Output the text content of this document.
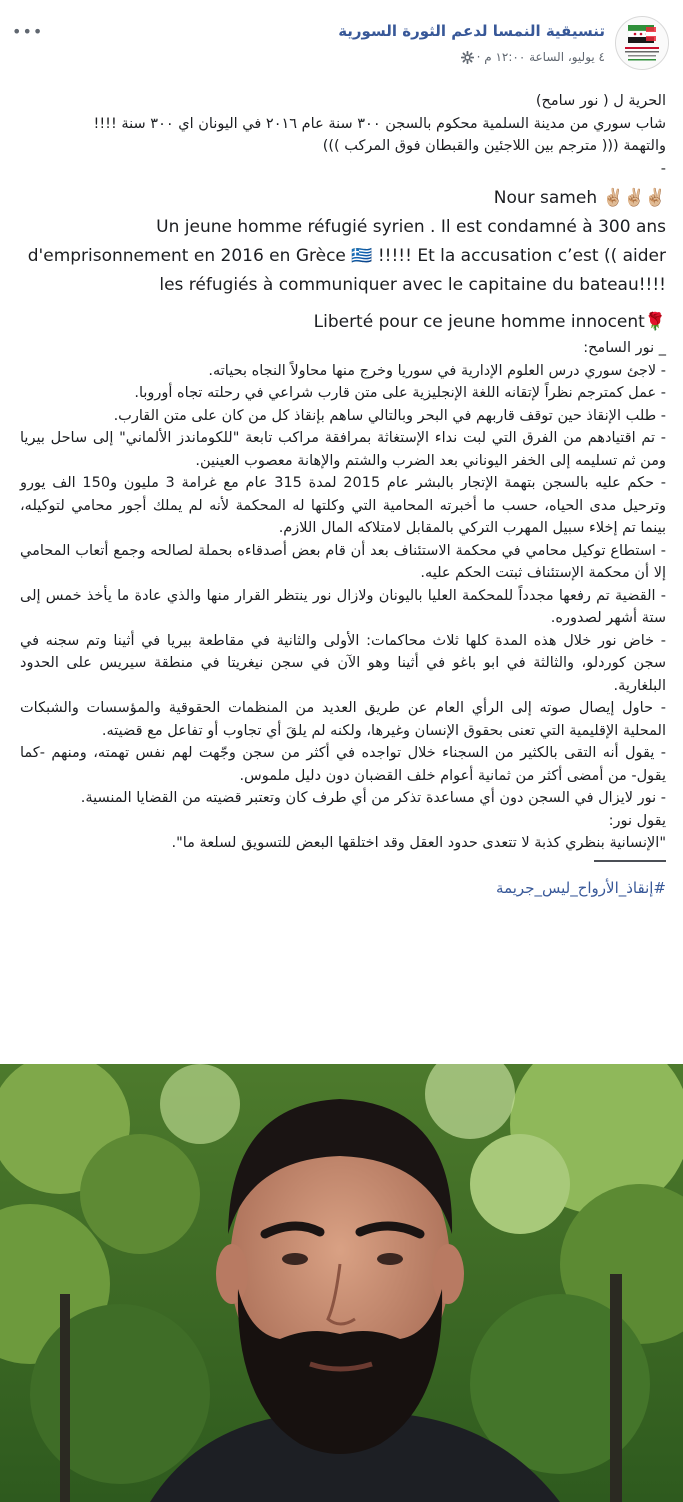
•••	تنسيقية النمسا لدعم الثورة السورية
٤ يوليو، الساعة ١٢:٠٠ م ·

الحرية ل ( نور سامح)

شاب سوري من مدينة السلمية محكوم بالسجن ٣٠٠ سنة عام ٢٠١٦ في اليونان اي ٣٠٠ سنة !!!!

والتهمة ((( مترجم بين اللاجئين والقبطان فوق المركب )))

-

Nour sameh ✌🏼✌🏼✌🏼

Un jeune homme réfugié syrien . Il est condamné à 300 ans d'emprisonnement en 2016 en Grèce 🇬🇷 !!!!! Et la accusation c’est (( aider les réfugiés à communiquer avec le capitaine du bateau!!!!

Liberté pour ce jeune homme innocent🌹

_ نور السامح:

- لاجئ سوري درس العلوم الإدارية في سوريا وخرج منها محاولاً النجاه بحياته.
- عمل كمترجم نظراً لإتقانه اللغة الإنجليزية على متن قارب شراعي في رحلته تجاه أوروبا.
- طلب الإنقاذ حين توقف قاربهم في البحر وبالتالي ساهم بإنقاذ كل من كان على متن القارب.
- تم اقتيادهم من الفرق التي لبت نداء الإستغاثة بمرافقة مراكب تابعة "للكوماندز الألماني" إلى ساحل بيريا ومن ثم تسليمه إلى الخفر اليوناني بعد الضرب والشتم والإهانة معصوب العينين.
- حكم عليه بالسجن بتهمة الإتجار بالبشر عام 2015 لمدة 315 عام مع غرامة 3 مليون و150 الف يورو وترحيل مدى الحياه، حسب ما أخبرته المحامية التي وكلتها له المحكمة لأنه لم يملك أجور محامي لتوكيله، بينما تم إخلاء سبيل المهرب التركي بالمقابل لامتلاكه المال اللازم.
- استطاع توكيل محامي في محكمة الاستئناف بعد أن قام بعض أصدقاءه بحملة لصالحه وجمع أتعاب المحامي إلا أن محكمة الإستئناف ثبتت الحكم عليه.
- القضية تم رفعها مجدداً للمحكمة العليا باليونان ولازال نور ينتظر القرار منها والذي عادة ما يأخذ خمس إلى ستة أشهر لصدوره.
- خاض نور خلال هذه المدة كلها ثلاث محاكمات: الأولى والثانية في مقاطعة بيريا في أثينا وتم سجنه في سجن كوردلو، والثالثة في ابو باغو في أثينا وهو الآن في سجن نيغريتا في منطقة سيريس على الحدود البلغارية.
- حاول إيصال صوته إلى الرأي العام عن طريق العديد من المنظمات الحقوقية والمؤسسات والشبكات المحلية الإقليمية التي تعنى بحقوق الإنسان وغيرها، ولكنه لم يلقَ أي تجاوب أو تفاعل مع قضيته.
- يقول أنه التقى بالكثير من السجناء خلال تواجده في أكثر من سجن وجّهت لهم نفس تهمته، ومنهم -كما يقول- من أمضى أكثر من ثمانية أعوام خلف القضبان دون دليل ملموس.
- نور لايزال في السجن دون أي مساعدة تذكر من أي طرف كان وتعتبر قضيته من القضايا المنسية.

يقول نور:

"الإنسانية بنظري كذبة لا تتعدى حدود العقل وقد اختلقها البعض للتسويق لسلعة ما".

#إنقاذ_الأرواح_ليس_جريمة
